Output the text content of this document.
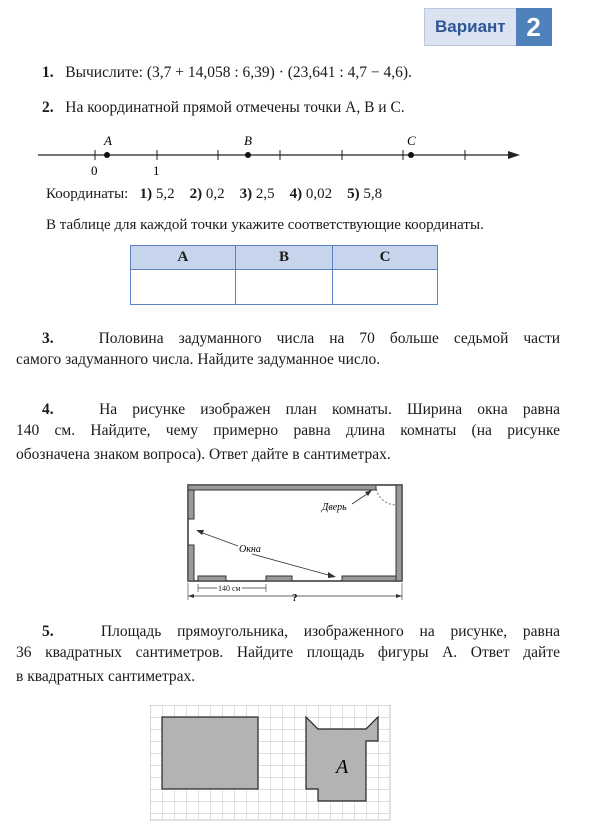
Вариант 2
1. Вычислите: (3,7 + 14,058 : 6,39) · (23,641 : 4,7 − 4,6).
2. На координатной прямой отмечены точки A, B и C.
A	B	C
0	1
Координаты: 1) 5,2 2) 0,2 3) 2,5 4) 0,02 5) 5,8
В таблице для каждой точки укажите соответствующие координаты.
A	B	C

3.	Половина задуманного числа на 70 больше седьмой части
самого задуманного числа. Найдите задуманное число.
4.	На рисунке изображен план комнаты. Ширина окна равна
140 см. Найдите, чему примерно равна длина комнаты (на рисунке
обозначена знаком вопроса). Ответ дайте в сантиметрах.
Дверь
Окна
140 см
?
5.	Площадь прямоугольника, изображенного на рисунке, равна
36 квадратных сантиметров. Найдите площадь фигуры A. Ответ дайте
в квадратных сантиметрах.
A
